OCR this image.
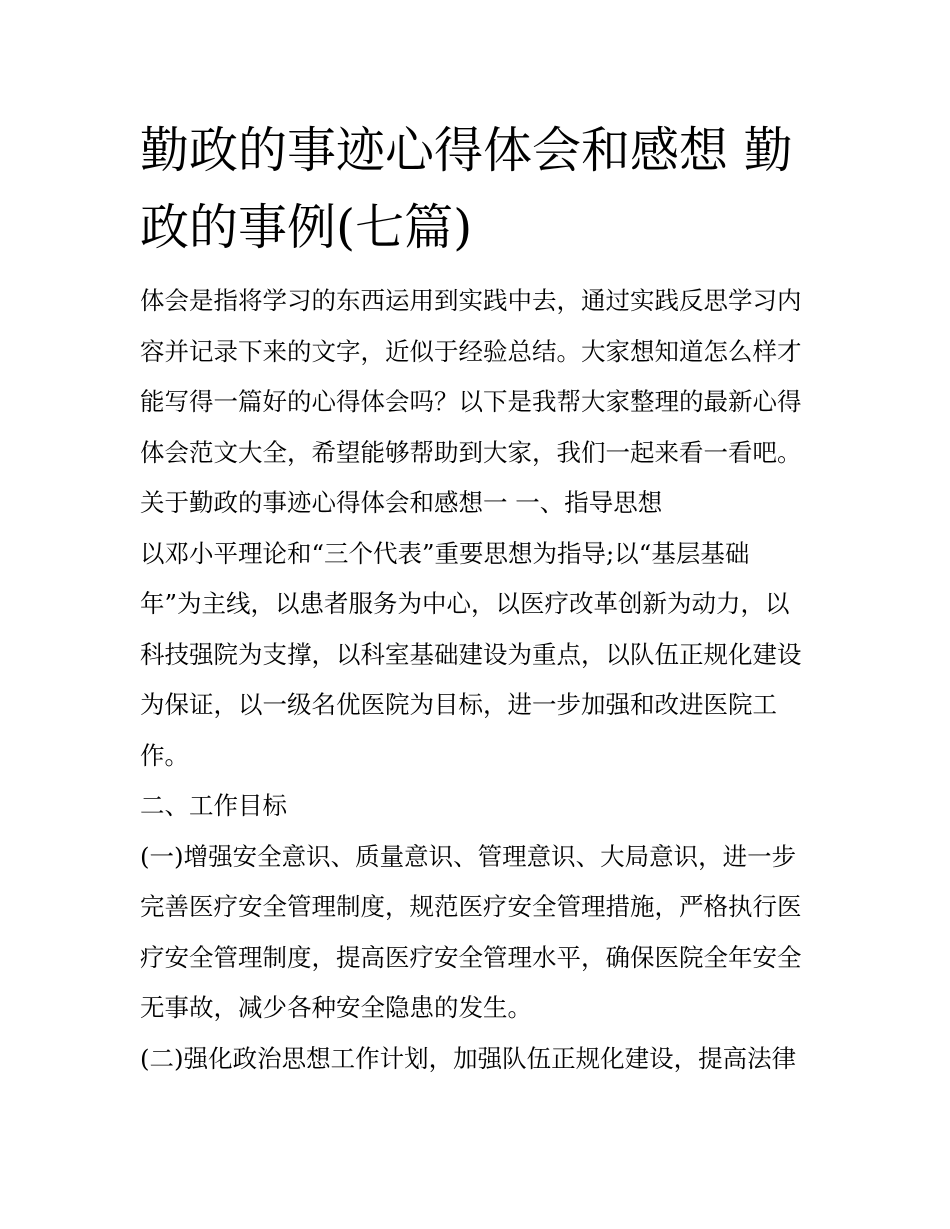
勤政的事迹心得体会和感想 勤
政的事例(七篇)
体会是指将学习的东西运用到实践中去，通过实践反思学习内
容并记录下来的文字，近似于经验总结。大家想知道怎么样才
能写得一篇好的心得体会吗？以下是我帮大家整理的最新心得
体会范文大全，希望能够帮助到大家，我们一起来看一看吧。
关于勤政的事迹心得体会和感想一 一、指导思想
以邓小平理论和“三个代表”重要思想为指导;以“基层基础
年”为主线，以患者服务为中心，以医疗改革创新为动力，以
科技强院为支撑，以科室基础建设为重点，以队伍正规化建设
为保证，以一级名优医院为目标，进一步加强和改进医院工
作。
二、工作目标
(一)增强安全意识、质量意识、管理意识、大局意识，进一步
完善医疗安全管理制度，规范医疗安全管理措施，严格执行医
疗安全管理制度，提高医疗安全管理水平，确保医院全年安全
无事故，减少各种安全隐患的发生。
(二)强化政治思想工作计划，加强队伍正规化建设，提高法律
